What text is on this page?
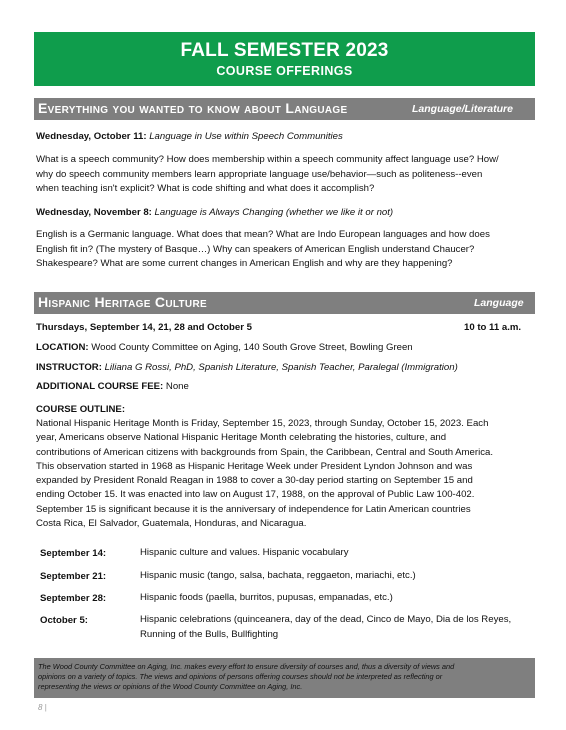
FALL SEMESTER 2023
COURSE OFFERINGS
Everything you wanted to know about Language	Language/Literature
Wednesday, October 11: Language in Use within Speech Communities
What is a speech community? How does membership within a speech community affect language use? How/
why do speech community members learn appropriate language use/behavior—such as politeness--even
when teaching isn't explicit? What is code shifting and what does it accomplish?
Wednesday, November 8: Language is Always Changing (whether we like it or not)
English is a Germanic language. What does that mean? What are Indo European languages and how does
English fit in? (The mystery of Basque…) Why can speakers of American English understand Chaucer?
Shakespeare? What are some current changes in American English and why are they happening?
Hispanic Heritage Culture	Language
Thursdays, September 14, 21, 28 and October 5	10 to 11 a.m.
LOCATION: Wood County Committee on Aging, 140 South Grove Street, Bowling Green
INSTRUCTOR: Liliana G Rossi, PhD, Spanish Literature, Spanish Teacher, Paralegal (Immigration)
ADDITIONAL COURSE FEE: None
COURSE OUTLINE:
National Hispanic Heritage Month is Friday, September 15, 2023, through Sunday, October 15, 2023. Each
year, Americans observe National Hispanic Heritage Month celebrating the histories, culture, and
contributions of American citizens with backgrounds from Spain, the Caribbean, Central and South America.
This observation started in 1968 as Hispanic Heritage Week under President Lyndon Johnson and was
expanded by President Ronald Reagan in 1988 to cover a 30-day period starting on September 15 and
ending October 15. It was enacted into law on August 17, 1988, on the approval of Public Law 100-402.
September 15 is significant because it is the anniversary of independence for Latin American countries
Costa Rica, El Salvador, Guatemala, Honduras, and Nicaragua.
September 14:	Hispanic culture and values. Hispanic vocabulary
September 21:	Hispanic music (tango, salsa, bachata, reggaeton, mariachi, etc.)
September 28:	Hispanic foods (paella, burritos, pupusas, empanadas, etc.)
October 5:	Hispanic celebrations (quinceanera, day of the dead, Cinco de Mayo, Dia de los Reyes,
Running of the Bulls, Bullfighting
The Wood County Committee on Aging, Inc. makes every effort to ensure diversity of courses and, thus a diversity of views and
opinions on a variety of topics. The views and opinions of persons offering courses should not be interpreted as reflecting or
representing the views or opinions of the Wood County Committee on Aging, Inc.
8 |
